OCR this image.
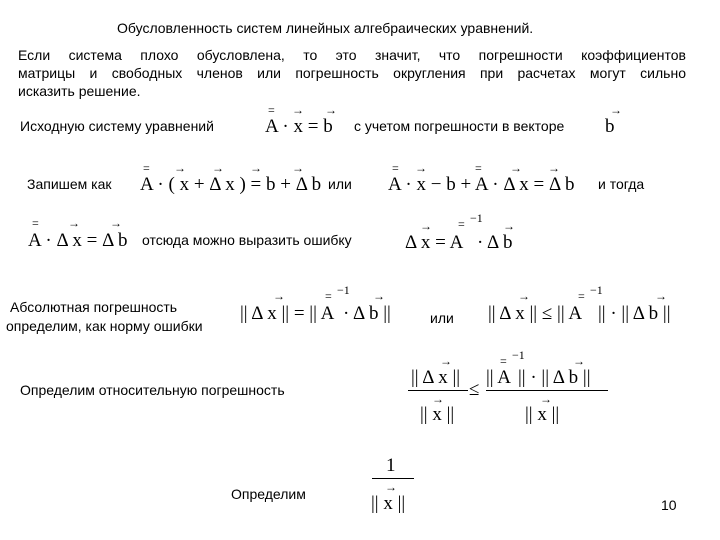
Обусловленность систем линейных алгебраических уравнений.
Если система плохо обусловлена, то это значит, что погрешности коэффициентов
матрицы и свободных членов или погрешность округления при расчетах могут сильно
исказить решение.
Исходную систему уравнений
= → →
A · x = b с учетом погрешности в векторе
→
b
Запишем как
= → → →	→
A · ( x + Δ x ) = b + Δ b или
= →	= → →
A · x − b + A · Δ x = Δ b и тогда
= →	→
A · Δ x = Δ b отсюда можно выразить ошибку
→ = −1
→
Δ x = A · Δ b
Абсолютная погрешность
определим, как норму ошибки
→	= −1 →
|| Δ x || = || A · Δ b ||	или
→	= −1	→
|| Δ x || ≤ || A || · || Δ b ||
Определим относительную погрешность
→	= −1	→
|| Δ x || || A || · || Δ b ||
≤
→	→
|| x ||	|| x ||
Определим
1
→
|| x ||	10
